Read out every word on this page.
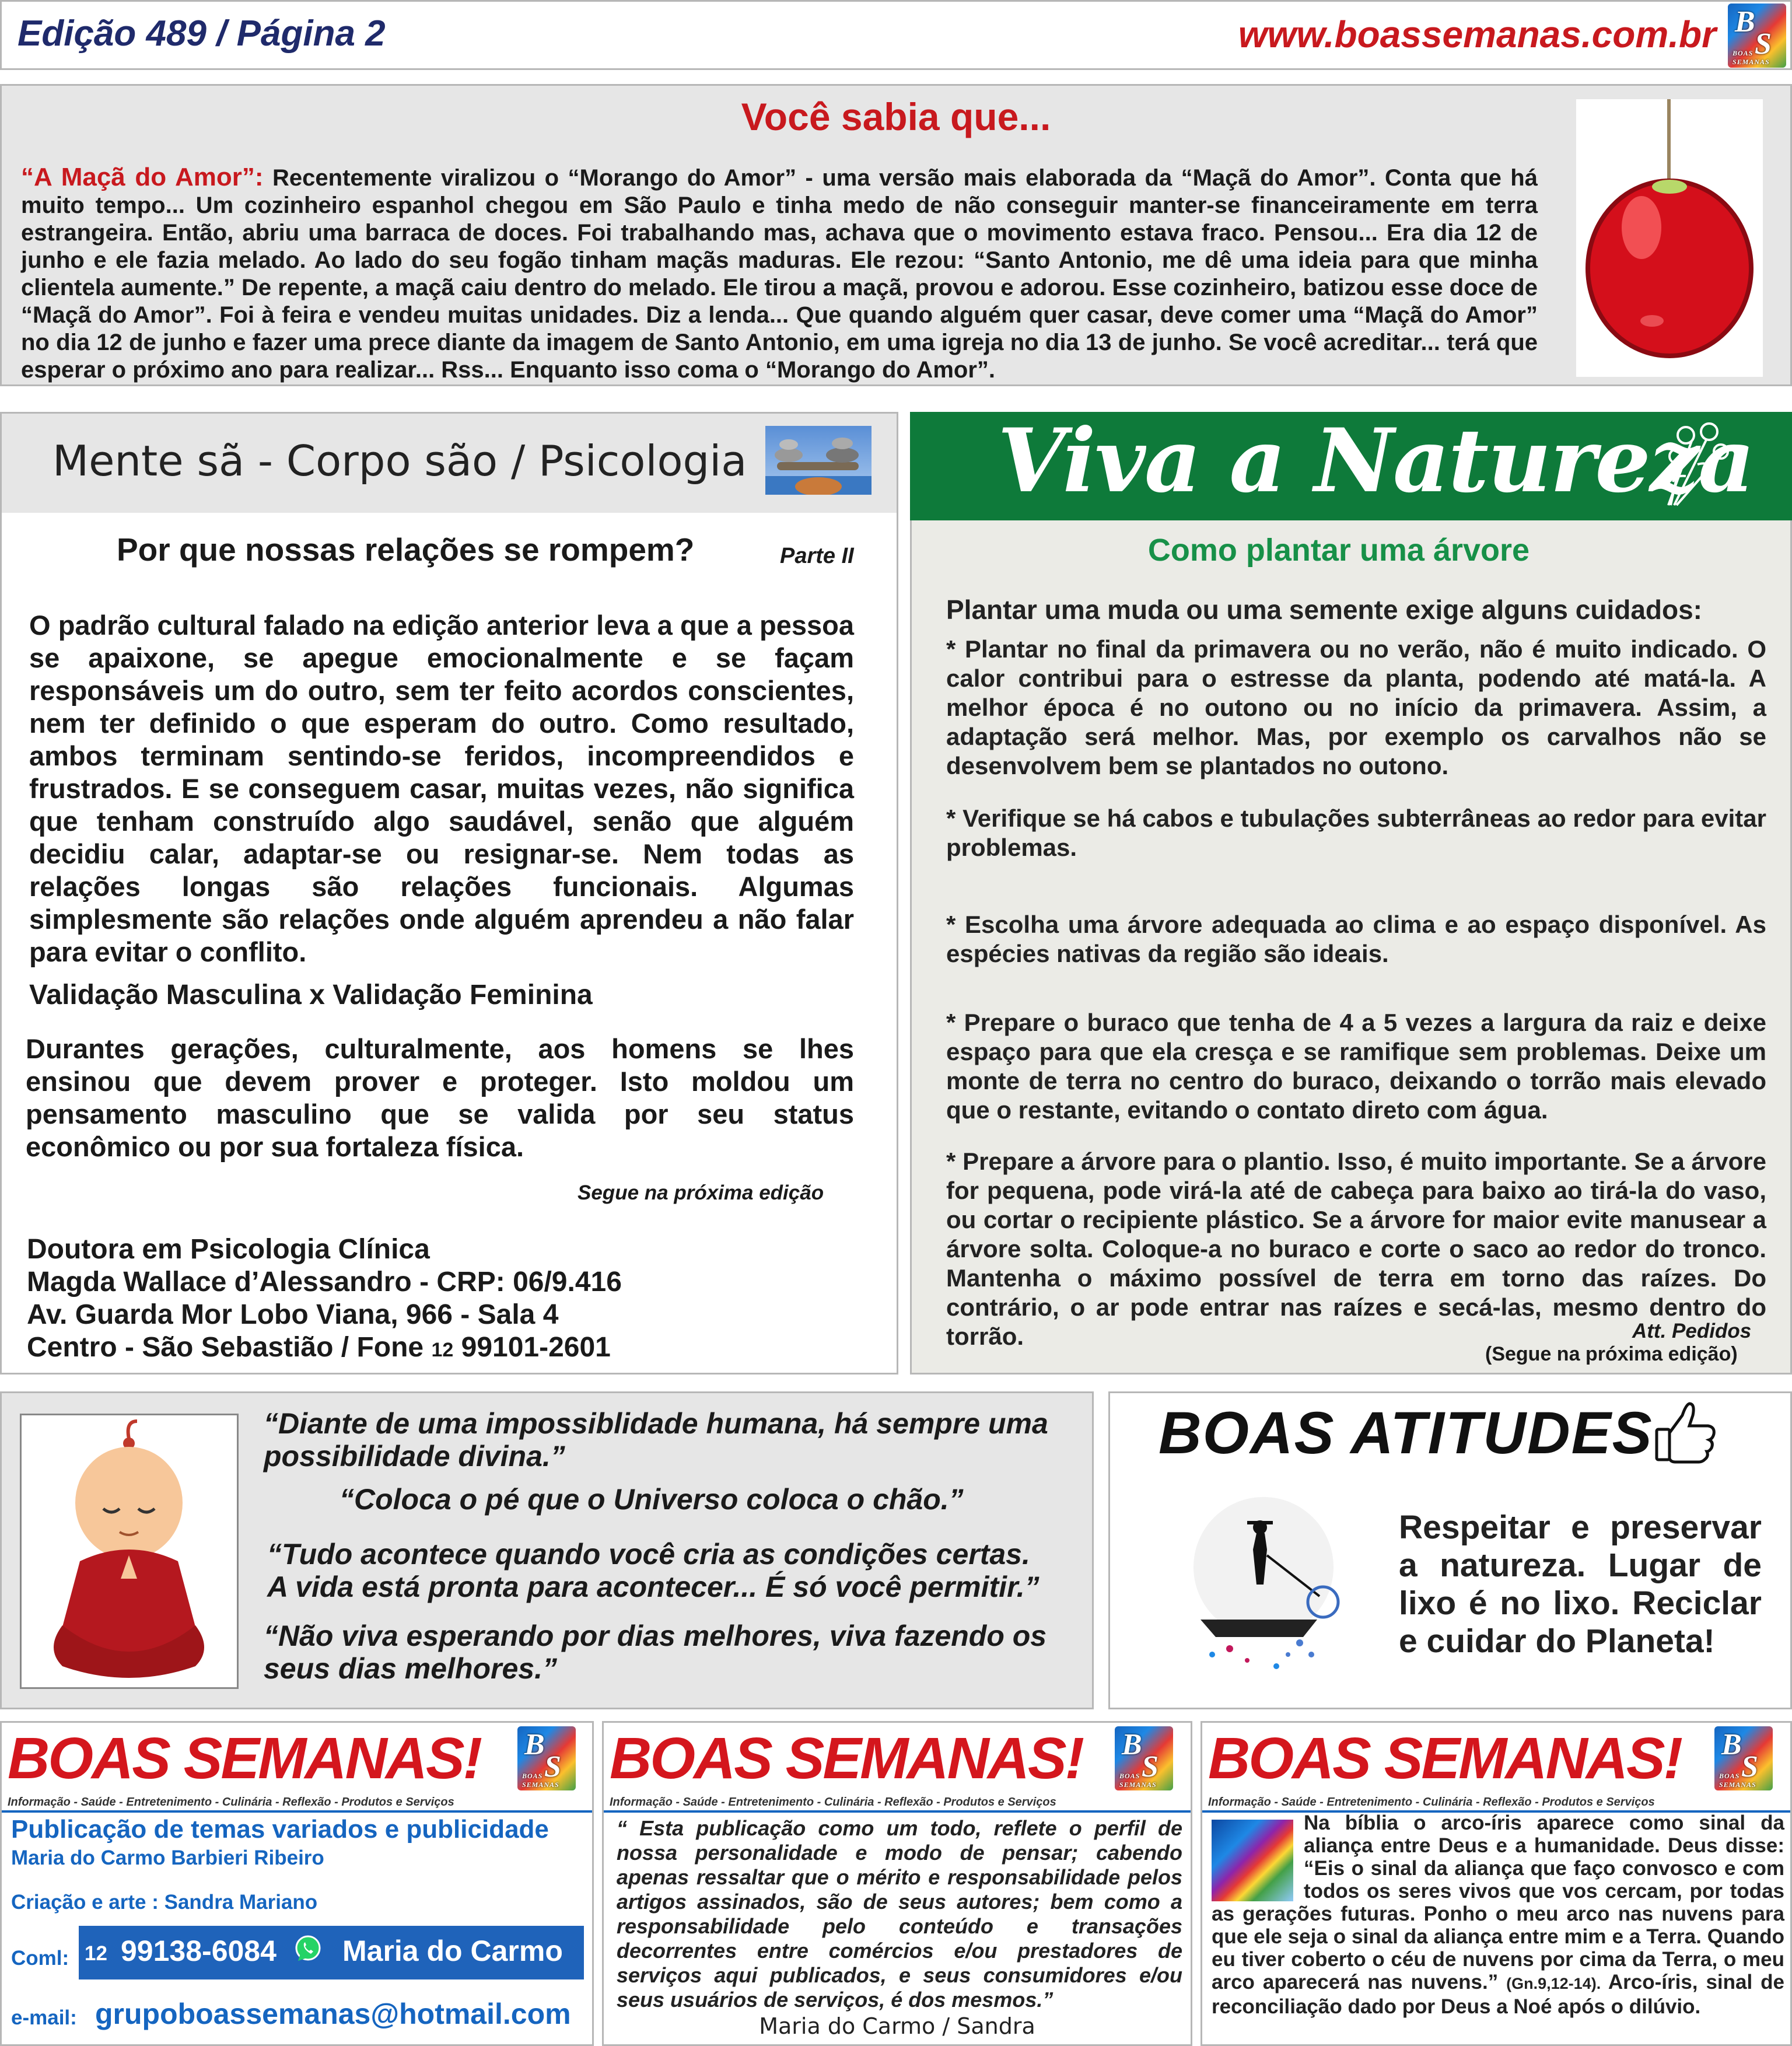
Edição 489 / Página 2	www.boassemanas.com.br B
S
BOAS SEMANAS
Você sabia que...
“A Maçã do Amor”: Recentemente viralizou o “Morango do Amor” - uma versão mais elaborada da “Maçã do Amor”. Conta que há muito tempo... Um cozinheiro espanhol chegou em São Paulo e tinha medo de não conseguir manter-se financeiramente em terra estrangeira. Então, abriu uma barraca de doces. Foi trabalhando mas, achava que o movimento estava fraco. Pensou... Era dia 12 de junho e ele fazia melado. Ao lado do seu fogão tinham maçãs maduras. Ele rezou: “Santo Antonio, me dê uma ideia para que minha clientela aumente.” De repente, a maçã caiu dentro do melado. Ele tirou a maçã, provou e adorou. Esse cozinheiro, batizou esse doce de “Maçã do Amor”. Foi à feira e vendeu muitas unidades. Diz a lenda... Que quando alguém quer casar, deve comer uma “Maçã do Amor” no dia 12 de junho e fazer uma prece diante da imagem de Santo Antonio, em uma igreja no dia 13 de junho. Se você acreditar... terá que esperar o próximo ano para realizar... Rss... Enquanto isso coma o “Morango do Amor”.
Mente sã - Corpo são / Psicologia
Por que nossas relações se rompem?	Parte II
O padrão cultural falado na edição anterior leva a que a pessoa se apaixone, se apegue emocionalmente e se façam responsáveis um do outro, sem ter feito acordos conscientes, nem ter definido o que esperam do outro. Como resultado, ambos terminam sentindo-se feridos, incompreendidos e frustrados. E se conseguem casar, muitas vezes, não significa que tenham construído algo saudável, senão que alguém decidiu calar, adaptar-se ou resignar-se. Nem todas as relações longas são relações funcionais. Algumas simplesmente são relações onde alguém aprendeu a não falar para evitar o conflito.
Validação Masculina x Validação Feminina
Durantes gerações, culturalmente, aos homens se lhes ensinou que devem prover e proteger. Isto moldou um pensamento masculino que se valida por seu status econômico ou por sua fortaleza física.
Segue na próxima edição
Doutora em Psicologia Clínica
Magda Wallace d’Alessandro - CRP: 06/9.416
Av. Guarda Mor Lobo Viana, 966 - Sala 4
Centro - São Sebastião / Fone 12 99101-2601
Viva a Natureza
Como plantar uma árvore

Plantar uma muda ou uma semente exige alguns cuidados:

* Plantar no final da primavera ou no verão, não é muito indicado. O calor contribui para o estresse da planta, podendo até matá-la. A melhor época é no outono ou no início da primavera. Assim, a adaptação será melhor. Mas, por exemplo os carvalhos não se desenvolvem bem se plantados no outono.

* Verifique se há cabos e tubulações subterrâneas ao redor para evitar problemas.

* Escolha uma árvore adequada ao clima e ao espaço disponível. As espécies nativas da região são ideais.

* Prepare o buraco que tenha de 4 a 5 vezes a largura da raiz e deixe espaço para que ela cresça e se ramifique sem problemas. Deixe um monte de terra no centro do buraco, deixando o torrão mais elevado que o restante, evitando o contato direto com água.

* Prepare a árvore para o plantio. Isso, é muito importante. Se a árvore for pequena, pode virá-la até de cabeça para baixo ao tirá-la do vaso, ou cortar o recipiente plástico. Se a árvore for maior evite manusear a árvore solta. Coloque-a no buraco e corte o saco ao redor do tronco. Mantenha o máximo possível de terra em torno das raízes. Do contrário, o ar pode entrar nas raízes e secá-las, mesmo dentro do torrão.	Att. Pedidos
(Segue na próxima edição)

“Diante de uma impossiblidade humana, há sempre uma possibilidade divina.”

“Coloca o pé que o Universo coloca o chão.”

“Tudo acontece quando você cria as condições certas.

A vida está pronta para acontecer... É só você permitir.”

“Não viva esperando por dias melhores, viva fazendo os seus dias melhores.”

BOAS ATITUDES
Respeitar e preservar a natureza. Lugar de lixo é no lixo. Reciclar e cuidar do Planeta!
BOAS SEMANAS! B
S
BOAS SEMANAS
Informação - Saúde - Entretenimento - Culinária - Reflexão - Produtos e Serviços
Publicação de temas variados e publicidade
Maria do Carmo Barbieri Ribeiro
Criação e arte : Sandra Mariano
Coml: 12 99138-6084 Maria do Carmo
e-mail: grupoboassemanas@hotmail.com
BOAS SEMANAS! B
S
BOAS SEMANAS
Informação - Saúde - Entretenimento - Culinária - Reflexão - Produtos e Serviços
“ Esta publicação como um todo, reflete o perfil de nossa personalidade e modo de pensar; cabendo apenas ressaltar que o mérito e responsabilidade pelos artigos assinados, são de seus autores; bem como a responsabilidade pelo conteúdo e transações decorrentes entre comércios e/ou prestadores de serviços aqui publicados, e seus consumidores e/ou seus usuários de serviços, é dos mesmos.”
Maria do Carmo / Sandra
BOAS SEMANAS! B
S
BOAS SEMANAS
Informação - Saúde - Entretenimento - Culinária - Reflexão - Produtos e Serviços
Na bíblia o arco-íris aparece como sinal da aliança entre Deus e a humanidade. Deus disse: “Eis o sinal da aliança que faço convosco e com todos os seres vivos que vos cercam, por todas as gerações futuras. Ponho o meu arco nas nuvens para que ele seja o sinal da aliança entre mim e a Terra. Quando eu tiver coberto o céu de nuvens por cima da Terra, o meu arco aparecerá nas nuvens.” (Gn.9,12-14). Arco-íris, sinal de reconciliação dado por Deus a Noé após o dilúvio.
